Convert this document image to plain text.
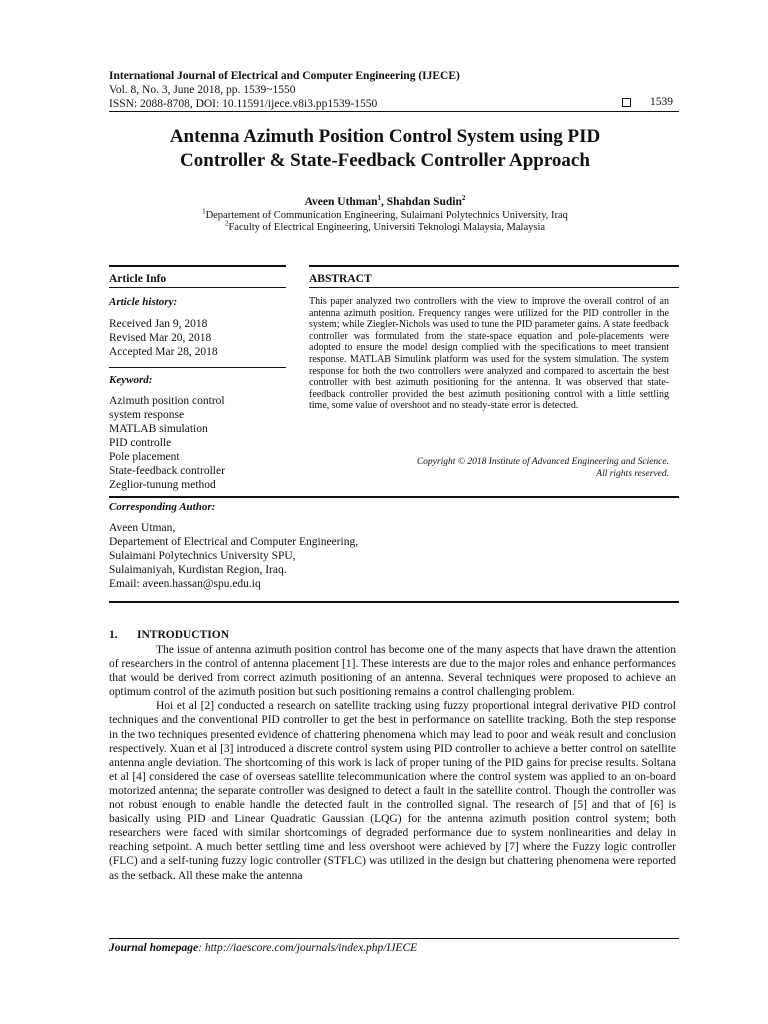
International Journal of Electrical and Computer Engineering (IJECE)
Vol. 8, No. 3, June 2018, pp. 1539~1550
ISSN: 2088-8708, DOI: 10.11591/ijece.v8i3.pp1539-1550	1539
Antenna Azimuth Position Control System using PID
Controller & State-Feedback Controller Approach
Aveen Uthman$^1$, Shahdan Sudin$^2$
$^1$Departement of Communication Engineering, Sulaimani Polytechnics University, Iraq
$^2$Faculty of Electrical Engineering, Universiti Teknologi Malaysia, Malaysia
Article Info	ABSTRACT
Article history:
Received Jan 9, 2018
Revised Mar 20, 2018
Accepted Mar 28, 2018
Keyword:
Azimuth position control
system response
MATLAB simulation
PID controlle
Pole placement
State-feedback controller
Zeglior-tunung method
This paper analyzed two controllers with the view to improve the overall control of an antenna azimuth position. Frequency ranges were utilized for the PID controller in the system; while Ziegler-Nichols was used to tune the PID parameter gains. A state feedback controller was formulated from the state-space equation and pole-placements were adopted to ensure the model design complied with the specifications to meet transient response. MATLAB Simulink platform was used for the system simulation. The system response for both the two controllers were analyzed and compared to ascertain the best controller with best azimuth positioning for the antenna. It was observed that state-feedback controller provided the best azimuth positioning control with a little settling time, some value of overshoot and no steady-state error is detected.
Copyright © 2018 Institute of Advanced Engineering and Science.
All rights reserved.
Corresponding Author:
Aveen Utman,
Departement of Electrical and Computer Engineering,
Sulaimani Polytechnics University SPU,
Sulaimaniyah, Kurdistan Region, Iraq.
Email: aveen.hassan@spu.edu.iq
1. INTRODUCTION

The issue of antenna azimuth position control has become one of the many aspects that have drawn the attention of researchers in the control of antenna placement [1]. These interests are due to the major roles and enhance performances that would be derived from correct azimuth positioning of an antenna. Several techniques were proposed to achieve an optimum control of the azimuth position but such positioning remains a control challenging problem.

Hoi et al [2] conducted a research on satellite tracking using fuzzy proportional integral derivative PID control techniques and the conventional PID controller to get the best in performance on satellite tracking. Both the step response in the two techniques presented evidence of chattering phenomena which may lead to poor and weak result and conclusion respectively. Xuan et al [3] introduced a discrete control system using PID controller to achieve a better control on satellite antenna angle deviation. The shortcoming of this work is lack of proper tuning of the PID gains for precise results. Soltana et al [4] considered the case of overseas satellite telecommunication where the control system was applied to an on-board motorized antenna; the separate controller was designed to detect a fault in the satellite control. Though the controller was not robust enough to enable handle the detected fault in the controlled signal. The research of [5] and that of [6] is basically using PID and Linear Quadratic Gaussian (LQG) for the antenna azimuth position control system; both researchers were faced with similar shortcomings of degraded performance due to system nonlinearities and delay in reaching setpoint. A much better settling time and less overshoot were achieved by [7] where the Fuzzy logic controller (FLC) and a self-tuning fuzzy logic controller (STFLC) was utilized in the design but chattering phenomena were reported as the setback. All these make the antenna

Journal homepage: http://iaescore.com/journals/index.php/IJECE
